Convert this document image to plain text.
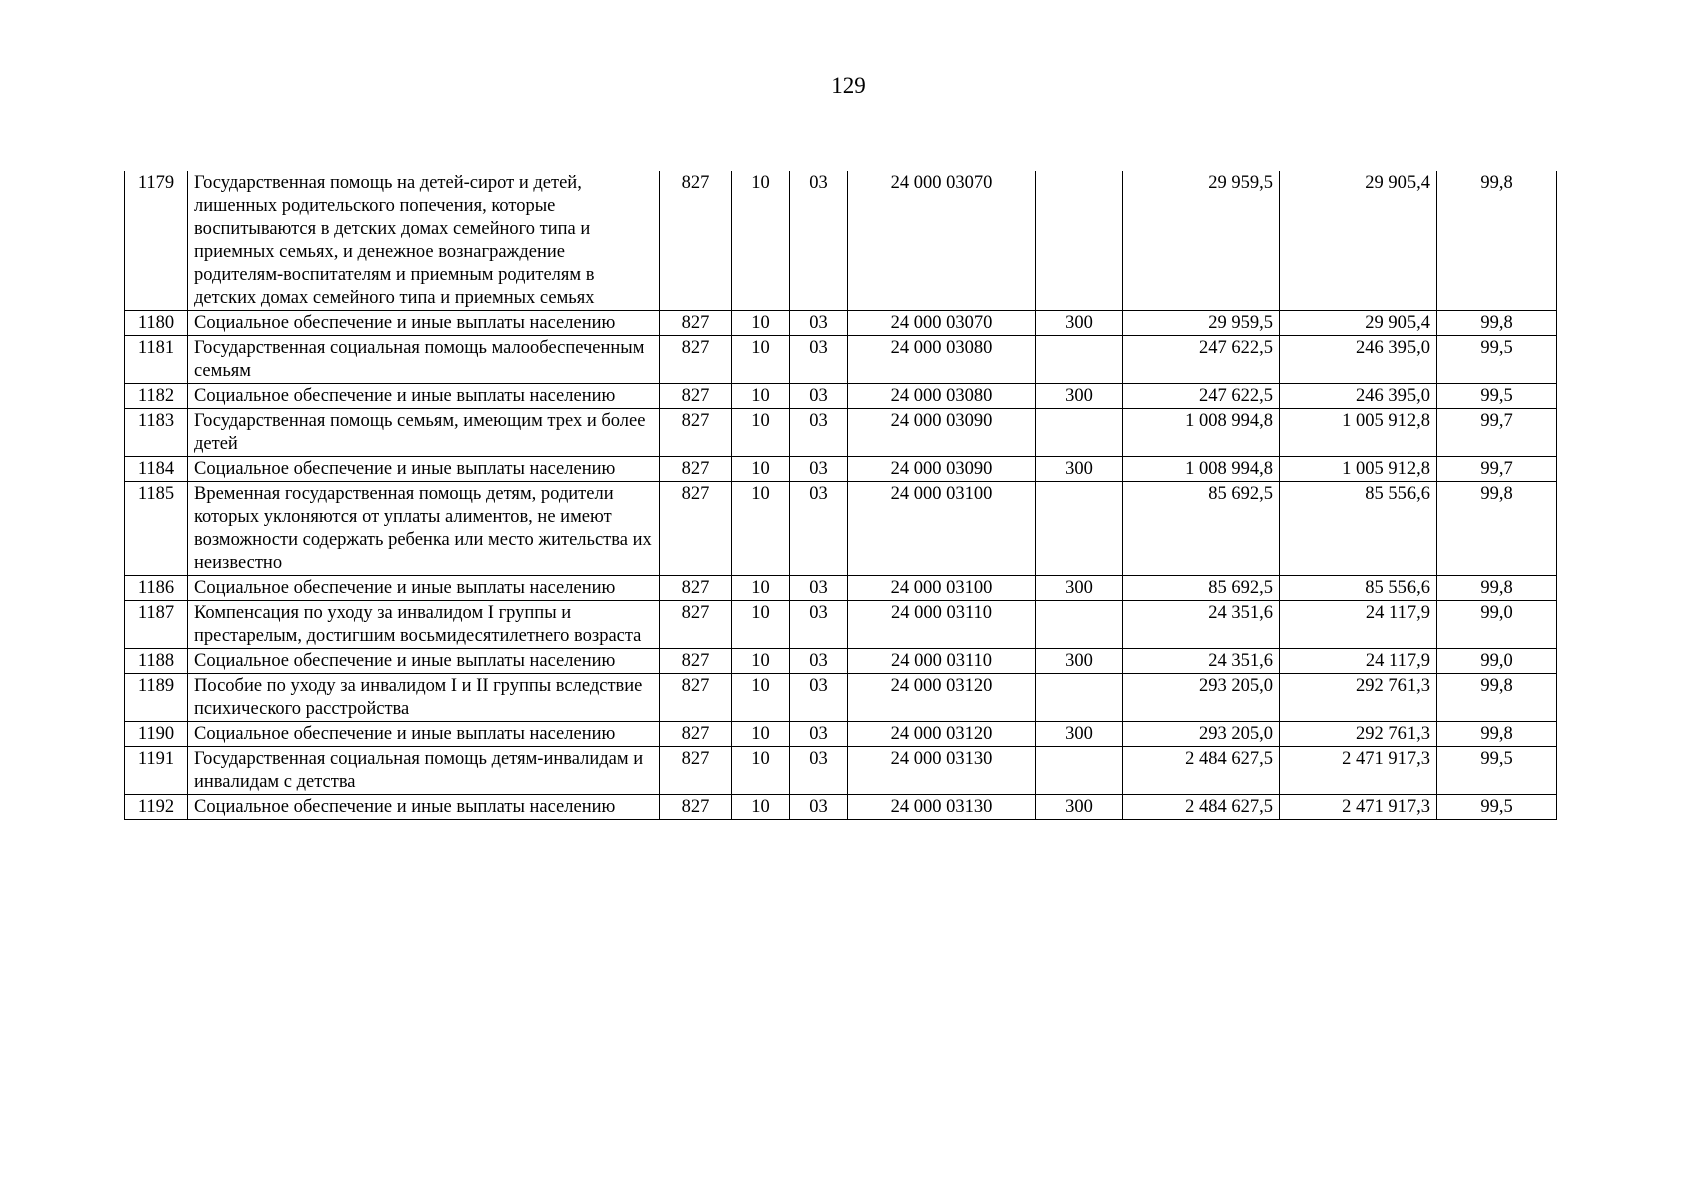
129
1179	Государственная помощь на детей-сирот и детей, лишенных родительского попечения, которые воспитываются в детских домах семейного типа и приемных семьях, и денежное вознаграждение родителям-воспитателям и приемным родителям в детских домах семейного типа и приемных семьях	827	10	03	24 000 03070		29 959,5	29 905,4	99,8
1180	Социальное обеспечение и иные выплаты населению	827	10	03	24 000 03070	300	29 959,5	29 905,4	99,8
1181	Государственная социальная помощь малообеспеченным семьям	827	10	03	24 000 03080		247 622,5	246 395,0	99,5
1182	Социальное обеспечение и иные выплаты населению	827	10	03	24 000 03080	300	247 622,5	246 395,0	99,5
1183	Государственная помощь семьям, имеющим трех и более детей	827	10	03	24 000 03090		1 008 994,8	1 005 912,8	99,7
1184	Социальное обеспечение и иные выплаты населению	827	10	03	24 000 03090	300	1 008 994,8	1 005 912,8	99,7
1185	Временная государственная помощь детям, родители которых уклоняются от уплаты алиментов, не имеют возможности содержать ребенка или место жительства их неизвестно	827	10	03	24 000 03100		85 692,5	85 556,6	99,8
1186	Социальное обеспечение и иные выплаты населению	827	10	03	24 000 03100	300	85 692,5	85 556,6	99,8
1187	Компенсация по уходу за инвалидом I группы и престарелым, достигшим восьмидесятилетнего возраста	827	10	03	24 000 03110		24 351,6	24 117,9	99,0
1188	Социальное обеспечение и иные выплаты населению	827	10	03	24 000 03110	300	24 351,6	24 117,9	99,0
1189	Пособие по уходу за инвалидом I и II группы вследствие психического расстройства	827	10	03	24 000 03120		293 205,0	292 761,3	99,8
1190	Социальное обеспечение и иные выплаты населению	827	10	03	24 000 03120	300	293 205,0	292 761,3	99,8
1191	Государственная социальная помощь детям-инвалидам и инвалидам с детства	827	10	03	24 000 03130		2 484 627,5	2 471 917,3	99,5
1192	Социальное обеспечение и иные выплаты населению	827	10	03	24 000 03130	300	2 484 627,5	2 471 917,3	99,5
